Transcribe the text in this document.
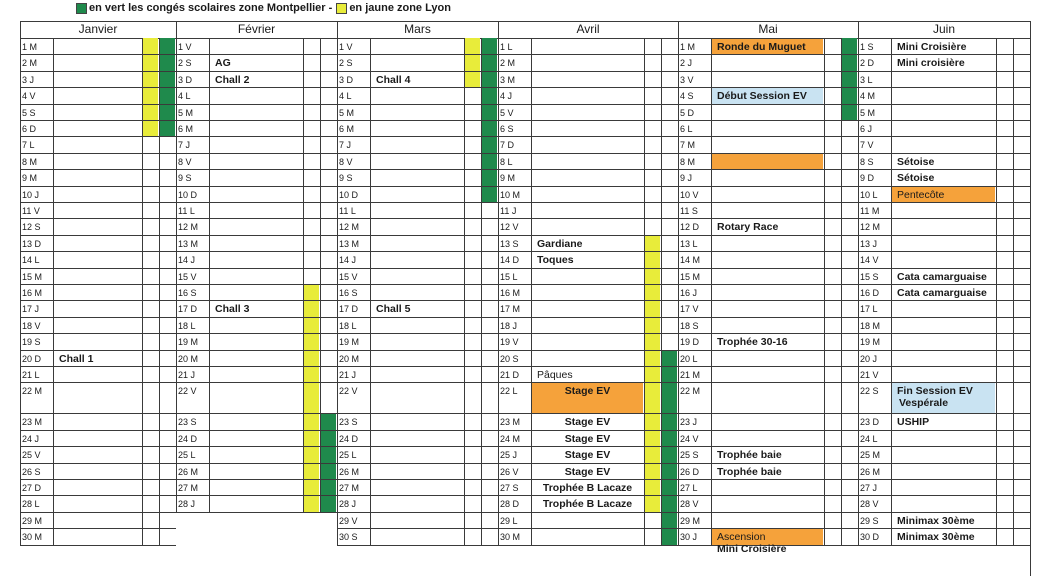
en vert les congés scolaires zone Montpellier - en jaune zone Lyon
Janvier
1 M
2 M
3 J
4 V
5 S
6 D
7 L
8 M
9 M
10 J
11 V
12 S
13 D
14 L
15 M
16 M
17 J
18 V
19 S
20 D
21 L
22 M
23 M
24 J
25 V
26 S
27 D
28 L
29 M
30 M
Chall 1
Février
1 V
2 S
3 D
4 L
5 M
6 M
7 J
8 V
9 S
10 D
11 L
12 M
13 M
14 J
15 V
16 S
17 D
18 L
19 M
20 M
21 J
22 V
23 S
24 D
25 L
26 M
27 M
28 J
AG
Chall 2
Chall 3
Mars
1 V
2 S
3 D
4 L
5 M
6 M
7 J
8 V
9 S
10 D
11 L
12 M
13 M
14 J
15 V
16 S
17 D
18 L
19 M
20 M
21 J
22 V
23 S
24 D
25 L
26 M
27 M
28 J
29 V
30 S
Chall 4
Chall 5
Avril
1 L
2 M
3 M
4 J
5 V
6 S
7 D
8 L
9 M
10 M
11 J
12 V
13 S
14 D
15 L
16 M
17 M
18 J
19 V
20 S
21 D
22 L
23 M
24 M
25 J
26 V
27 S
28 D
29 L
30 M
Gardiane
Toques
Pâques
Stage EV
Stage EV
Stage EV
Stage EV
Stage EV
Trophée B Lacaze
Trophée B Lacaze
Mai
1 M
2 J
3 V
4 S
5 D
6 L
7 M
8 M
9 J
10 V
11 S
12 D
13 L
14 M
15 M
16 J
17 V
18 S
19 D
20 L
21 M
22 M
23 J
24 V
25 S
26 D
27 L
28 V
29 M
30 J
Ronde du Muguet
Début Session EV
Rotary Race
Trophée 30-16
Trophée baie
Trophée baie
Ascension
Juin
1 S
2 D
3 L
4 M
5 M
6 J
7 V
8 S
9 D
10 L
11 M
12 M
13 J
14 V
15 S
16 D
17 L
18 M
19 M
20 J
21 V
22 S
23 D
24 L
25 M
26 M
27 J
28 V
29 S
30 D
Mini Croisière
Mini croisière
Sétoise
Sétoise
Pentecôte
Cata camarguaise
Cata camarguaise
Fin Session EV
USHIP
Minimax 30ème
Minimax 30ème
Mini Croisière
Vespérale
